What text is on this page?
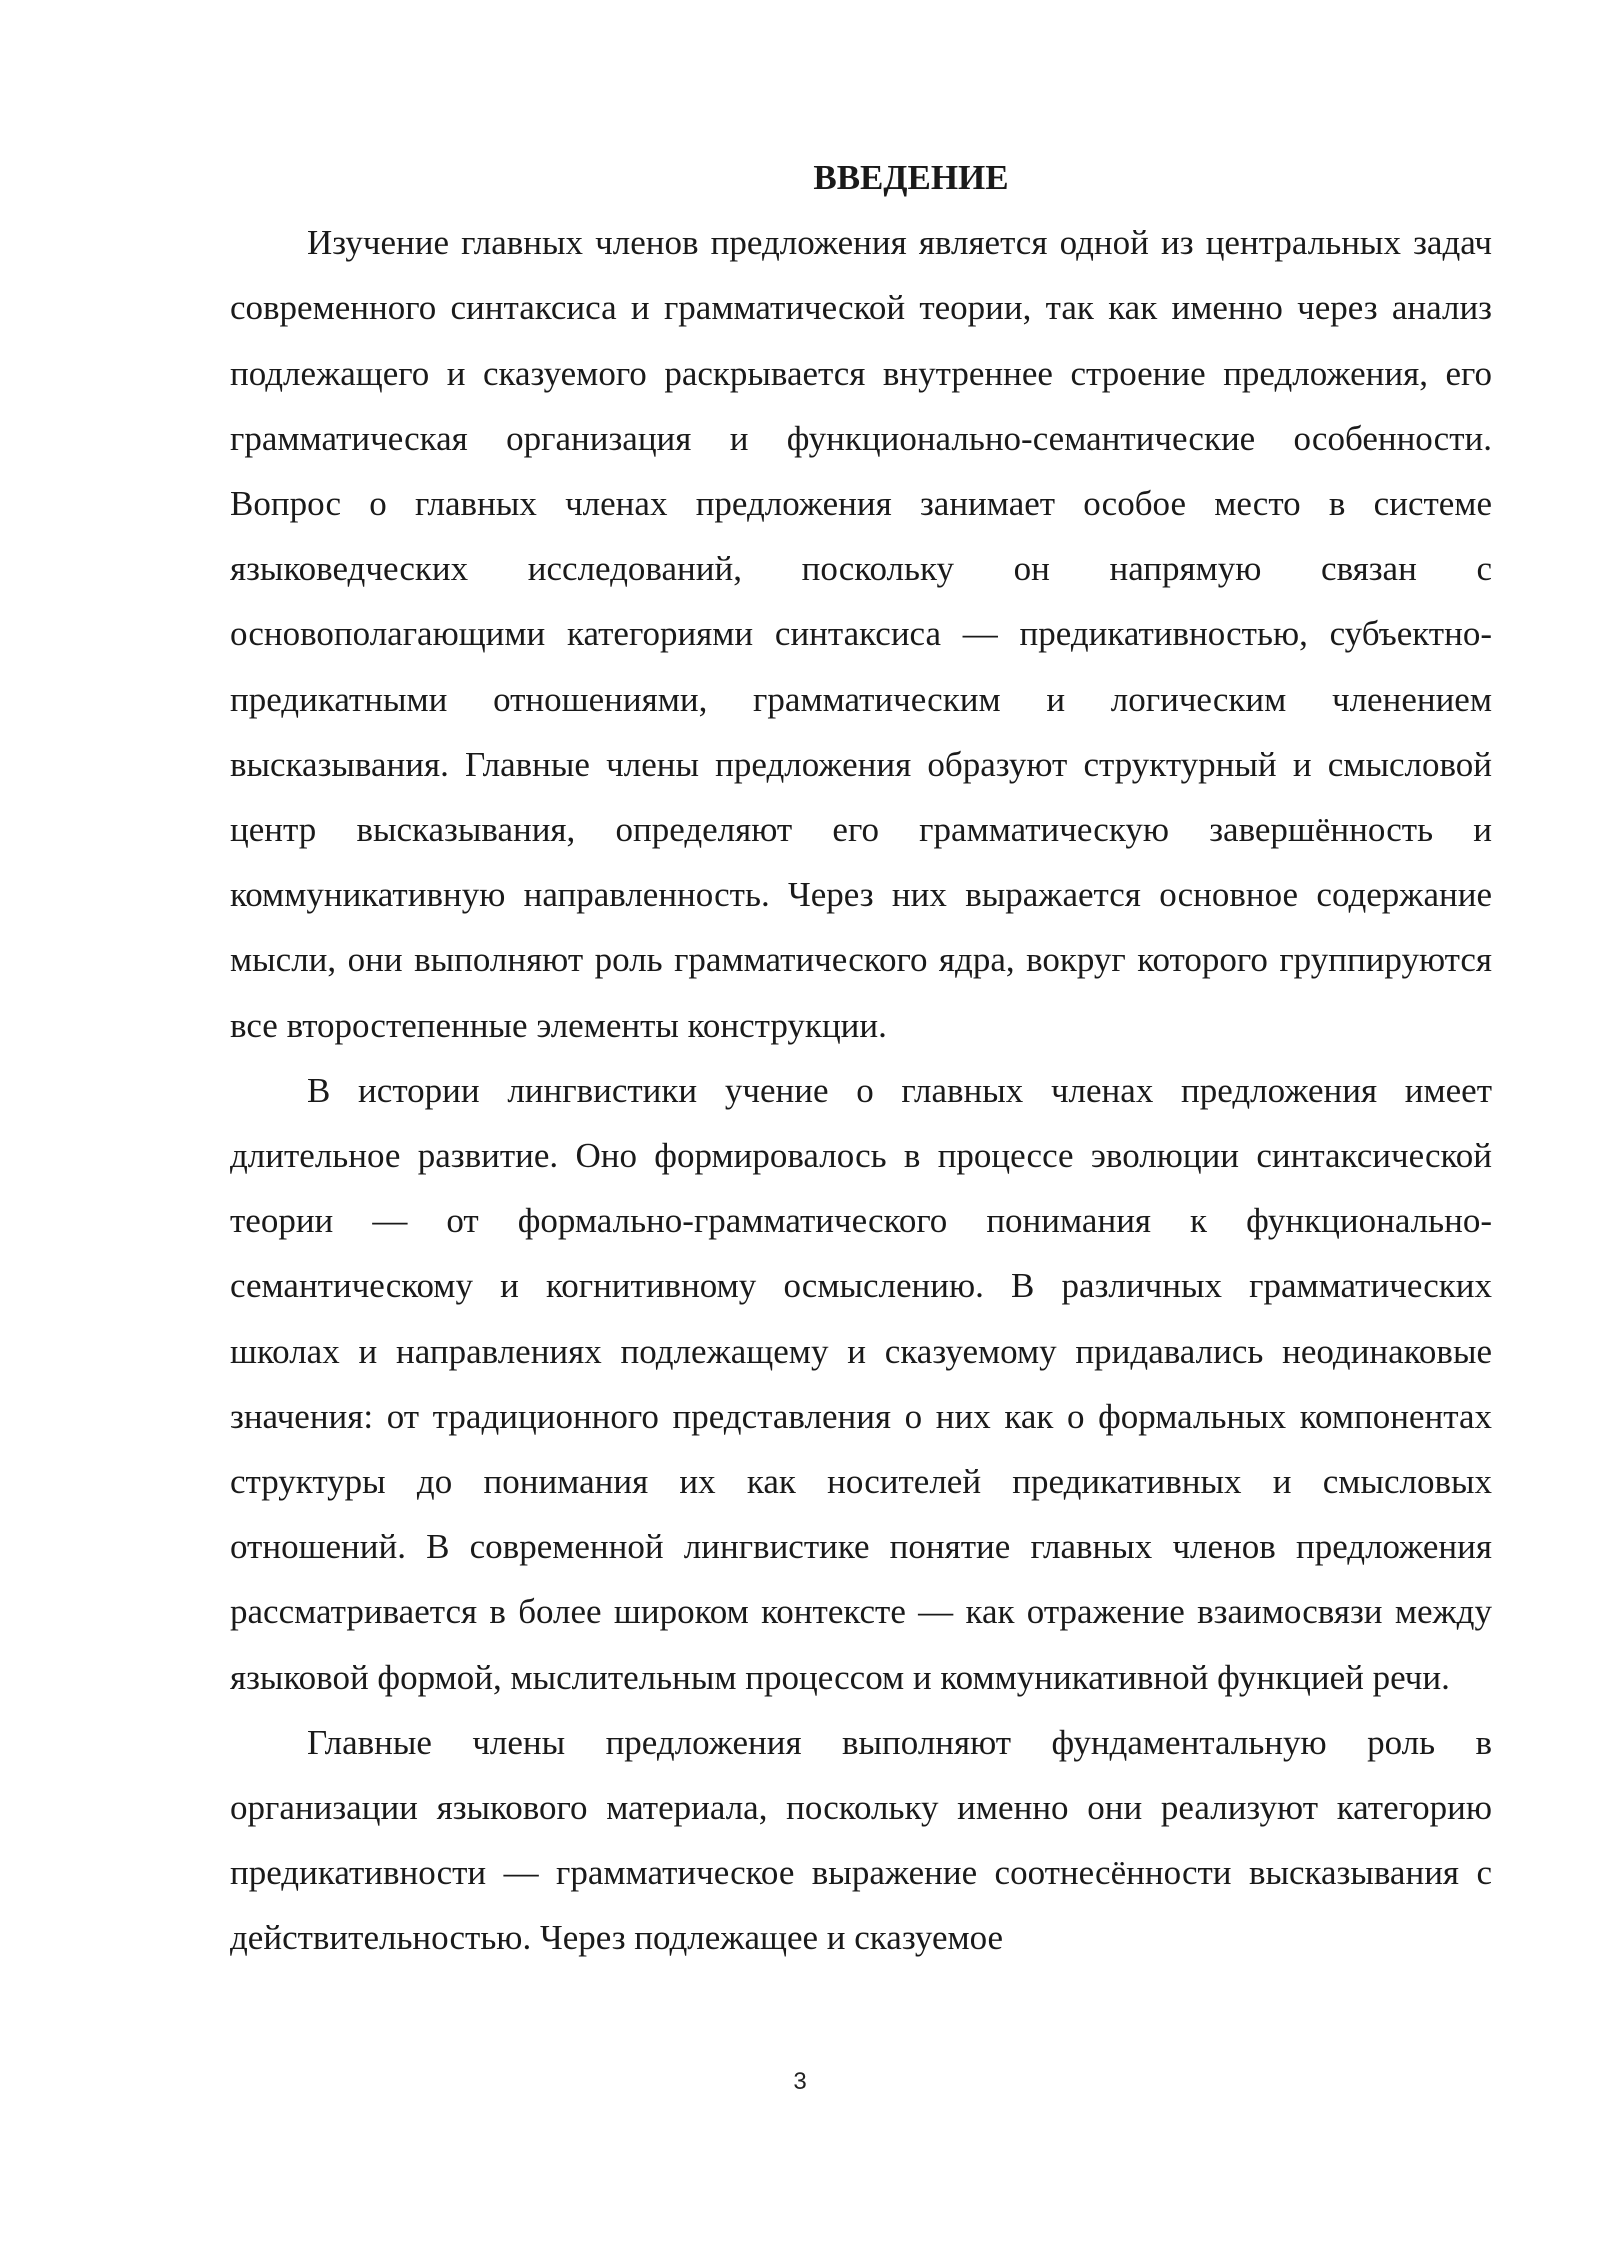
ВВЕДЕНИЕ

Изучение главных членов предложения является одной из центральных задач современного синтаксиса и грамматической теории, так как именно через анализ подлежащего и сказуемого раскрывается внутреннее строение предложения, его грамматическая организация и функционально-семантические особенности. Вопрос о главных членах предложения занимает особое место в системе языковедческих исследований, поскольку он напрямую связан с основополагающими категориями синтаксиса — предикативностью, субъектно-предикатными отношениями, грамматическим и логическим членением высказывания. Главные члены предложения образуют структурный и смысловой центр высказывания, определяют его грамматическую завершённость и коммуникативную направленность. Через них выражается основное содержание мысли, они выполняют роль грамматического ядра, вокруг которого группируются все второстепенные элементы конструкции.

В истории лингвистики учение о главных членах предложения имеет длительное развитие. Оно формировалось в процессе эволюции синтаксической теории — от формально-грамматического понимания к функционально-семантическому и когнитивному осмыслению. В различных грамматических школах и направлениях подлежащему и сказуемому придавались неодинаковые значения: от традиционного представления о них как о формальных компонентах структуры до понимания их как носителей предикативных и смысловых отношений. В современной лингвистике понятие главных членов предложения рассматривается в более широком контексте — как отражение взаимосвязи между языковой формой, мыслительным процессом и коммуникативной функцией речи.

Главные члены предложения выполняют фундаментальную роль в организации языкового материала, поскольку именно они реализуют категорию предикативности — грамматическое выражение соотнесённости высказывания с действительностью. Через подлежащее и сказуемое

3
